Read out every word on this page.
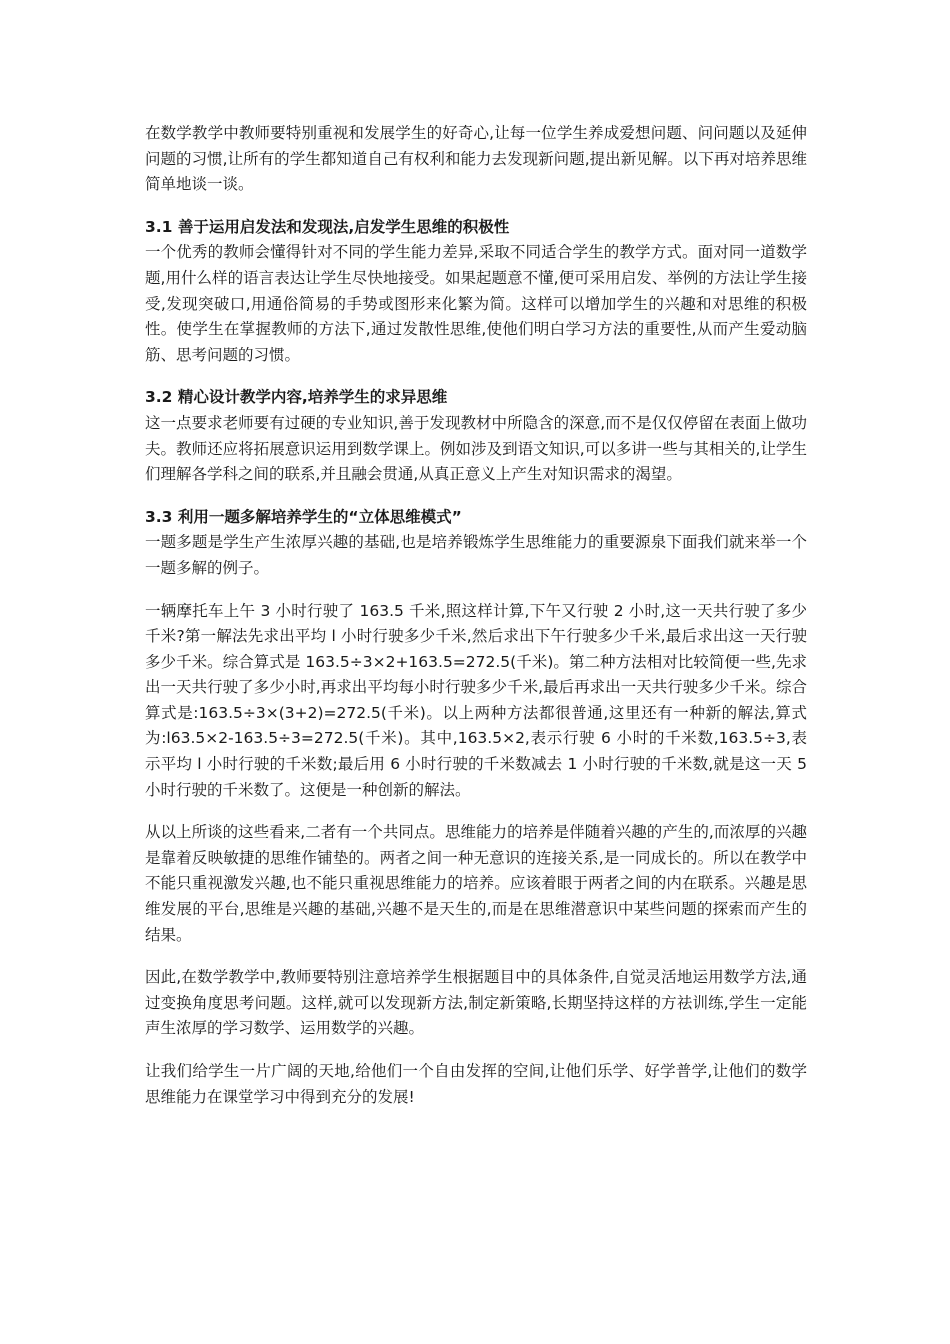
在数学教学中教师要特别重视和发展学生的好奇心,让每一位学生养成爱想问题、问问题以及延伸问题的习惯,让所有的学生都知道自己有权利和能力去发现新问题,提出新见解。以下再对培养思维简单地谈一谈。

3.1 善于运用启发法和发现法,启发学生思维的积极性

一个优秀的教师会懂得针对不同的学生能力差异,采取不同适合学生的教学方式。面对同一道数学题,用什么样的语言表达让学生尽快地接受。如果起题意不懂,便可采用启发、举例的方法让学生接受,发现突破口,用通俗简易的手势或图形来化繁为简。这样可以增加学生的兴趣和对思维的积极性。使学生在掌握教师的方法下,通过发散性思维,使他们明白学习方法的重要性,从而产生爱动脑筋、思考问题的习惯。

3.2 精心设计教学内容,培养学生的求异思维

这一点要求老师要有过硬的专业知识,善于发现教材中所隐含的深意,而不是仅仅停留在表面上做功夫。教师还应将拓展意识运用到数学课上。例如涉及到语文知识,可以多讲一些与其相关的,让学生们理解各学科之间的联系,并且融会贯通,从真正意义上产生对知识需求的渴望。

3.3 利用一题多解培养学生的“立体思维模式”

一题多题是学生产生浓厚兴趣的基础,也是培养锻炼学生思维能力的重要源泉下面我们就来举一个一题多解的例子。

一辆摩托车上午 3 小时行驶了 163.5 千米,照这样计算,下午又行驶 2 小时,这一天共行驶了多少千米?第一解法先求出平均 l 小时行驶多少千米,然后求出下午行驶多少千米,最后求出这一天行驶多少千米。综合算式是 163.5÷3×2+163.5=272.5(千米)。第二种方法相对比较简便一些,先求出一天共行驶了多少小时,再求出平均每小时行驶多少千米,最后再求出一天共行驶多少千米。综合算式是:163.5÷3×(3+2)=272.5(千米)。以上两种方法都很普通,这里还有一种新的解法,算式为:l63.5×2-163.5÷3=272.5(千米)。其中,163.5×2,表示行驶 6 小时的千米数,163.5÷3,表示平均 l 小时行驶的千米数;最后用 6 小时行驶的千米数减去 1 小时行驶的千米数,就是这一天 5 小时行驶的千米数了。这便是一种创新的解法。

从以上所谈的这些看来,二者有一个共同点。思维能力的培养是伴随着兴趣的产生的,而浓厚的兴趣是靠着反映敏捷的思维作铺垫的。两者之间一种无意识的连接关系,是一同成长的。所以在教学中不能只重视激发兴趣,也不能只重视思维能力的培养。应该着眼于两者之间的内在联系。兴趣是思维发展的平台,思维是兴趣的基础,兴趣不是天生的,而是在思维潜意识中某些问题的探索而产生的结果。

因此,在数学教学中,教师要特别注意培养学生根据题目中的具体条件,自觉灵活地运用数学方法,通过变换角度思考问题。这样,就可以发现新方法,制定新策略,长期坚持这样的方祛训练,学生一定能声生浓厚的学习数学、运用数学的兴趣。

让我们给学生一片广阔的天地,给他们一个自由发挥的空间,让他们乐学、好学普学,让他们的数学思维能力在课堂学习中得到充分的发展!
